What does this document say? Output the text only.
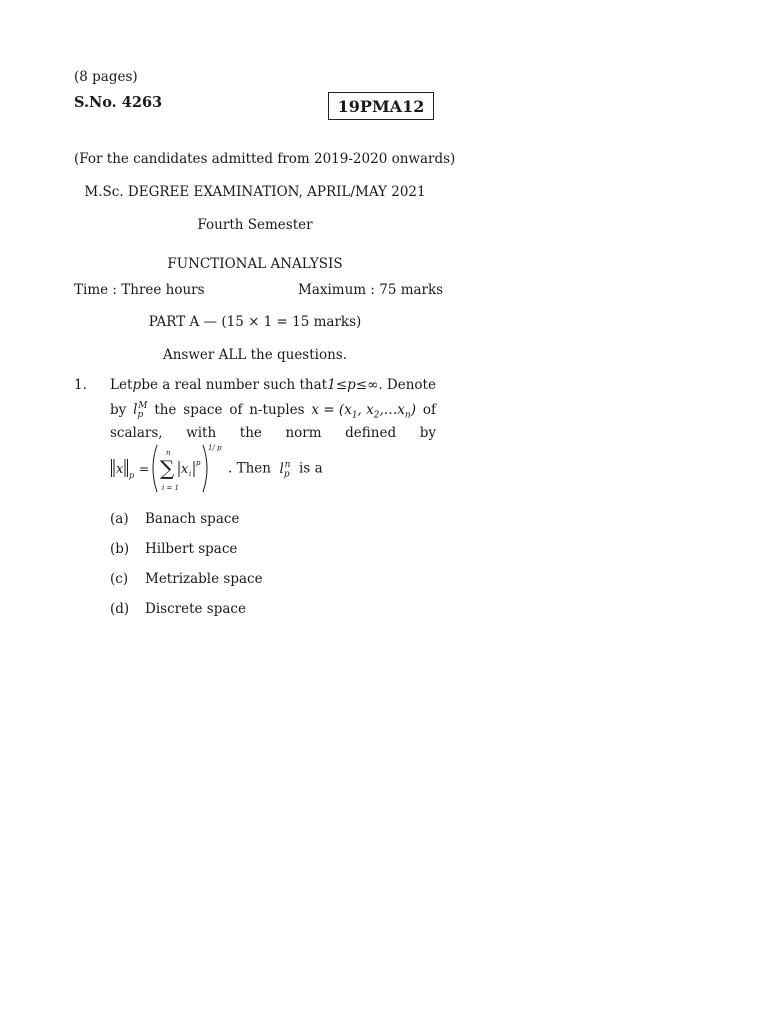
(8 pages)
S.No. 4263	19PMA12
(For the candidates admitted from 2019-2020 onwards)
M.Sc. DEGREE EXAMINATION, APRIL/MAY 2021
Fourth Semester
FUNCTIONAL ANALYSIS
Time : Three hours	Maximum : 75 marks
PART A — (15 × 1 = 15 marks)
Answer ALL the questions.
1. Let p be a real number such that 1≤p≤∞. Denote
by $l_p^M$ the space of n-tuples $x = (x_1$, $x_2,\dots x_n$) of
scalars, with the norm defined by
x p =
n
∑
i = 1
x i
p
1/ p
. Then  $l_p^n$ is a
(a) Banach space
(b) Hilbert space
(c) Metrizable space
(d) Discrete space
